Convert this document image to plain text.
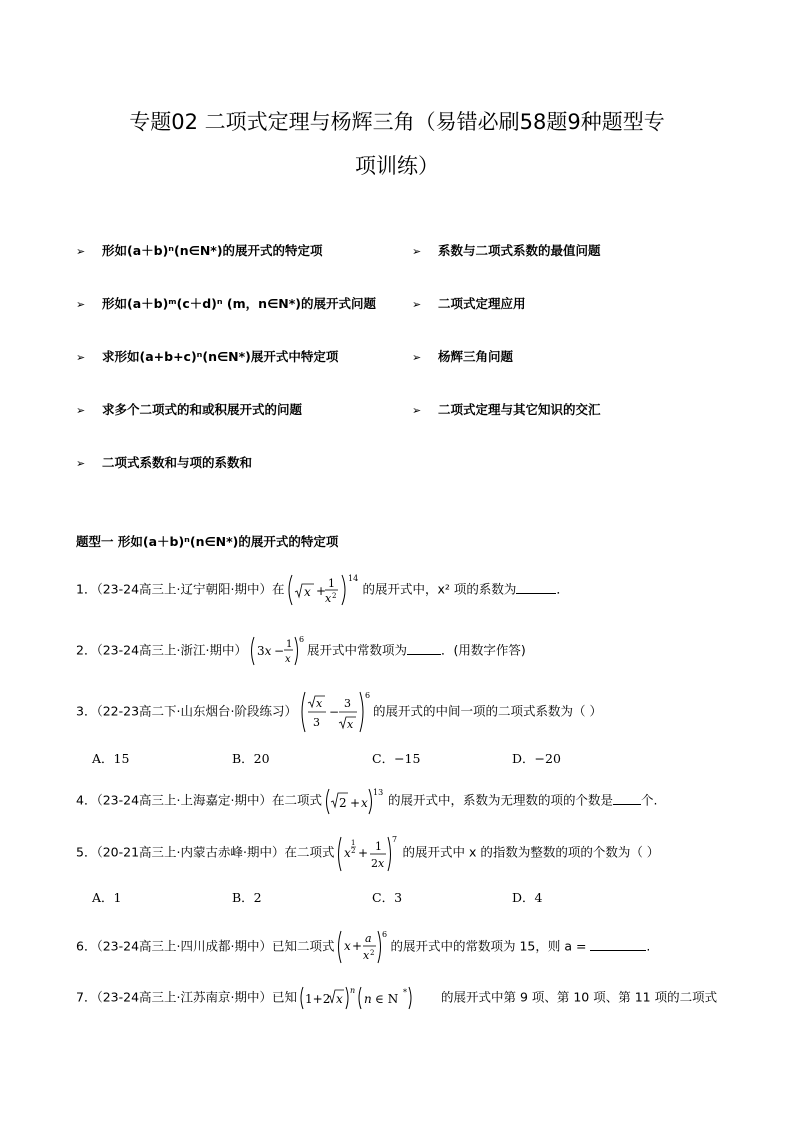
专题02 二项式定理与杨辉三角（易错必刷58题9种题型专
项训练）
➢ 形如(a＋b)ⁿ(n∈N*)的展开式的特定项
➢ 形如(a＋b)ᵐ(c＋d)ⁿ (m，n∈N*)的展开式问题
➢ 求形如(a+b+c)ⁿ(n∈N*)展开式中特定项
➢ 求多个二项式的和或积展开式的问题
➢ 二项式系数和与项的系数和
➢ 系数与二项式系数的最值问题
➢ 二项式定理应用
➢ 杨辉三角问题
➢ 二项式定理与其它知识的交汇
题型一 形如(a＋b)ⁿ(n∈N*)的展开式的特定项
1．（23-24高三上·辽宁朝阳·期中）在 x +
1
x 2
14
的展开式中，x² 项的系数为	．
2．（23-24高三上·浙江·期中） 3x − 1
x
6
展开式中常数项为	．(用数字作答)
3．（22-23高二下·山东烟台·阶段练习） x
3
−
3
x
6
的展开式的中间一项的二项式系数为（ ）
A．15	B．20	C．−15	D．−20
4．（23-24高三上·上海嘉定·期中）在二项式 2 + x
13 的展开式中，系数为无理数的项的个数是 个.
5．（20-21高三上·内蒙古赤峰·期中）在二项式 x
1
2 + 1
2x
7
的展开式中 x 的指数为整数的项的个数为（ ）
A．1	B．2	C．3	D．4
6．（23-24高三上·四川成都·期中）已知二项式 x +
a
x 2
6
的展开式中的常数项为 15，则 a =	.
7．（23-24高三上·江苏南京·期中）已知 1+2 x
n
n ∈ N *	的展开式中第 9 项、第 10 项、第 11 项的二项式
